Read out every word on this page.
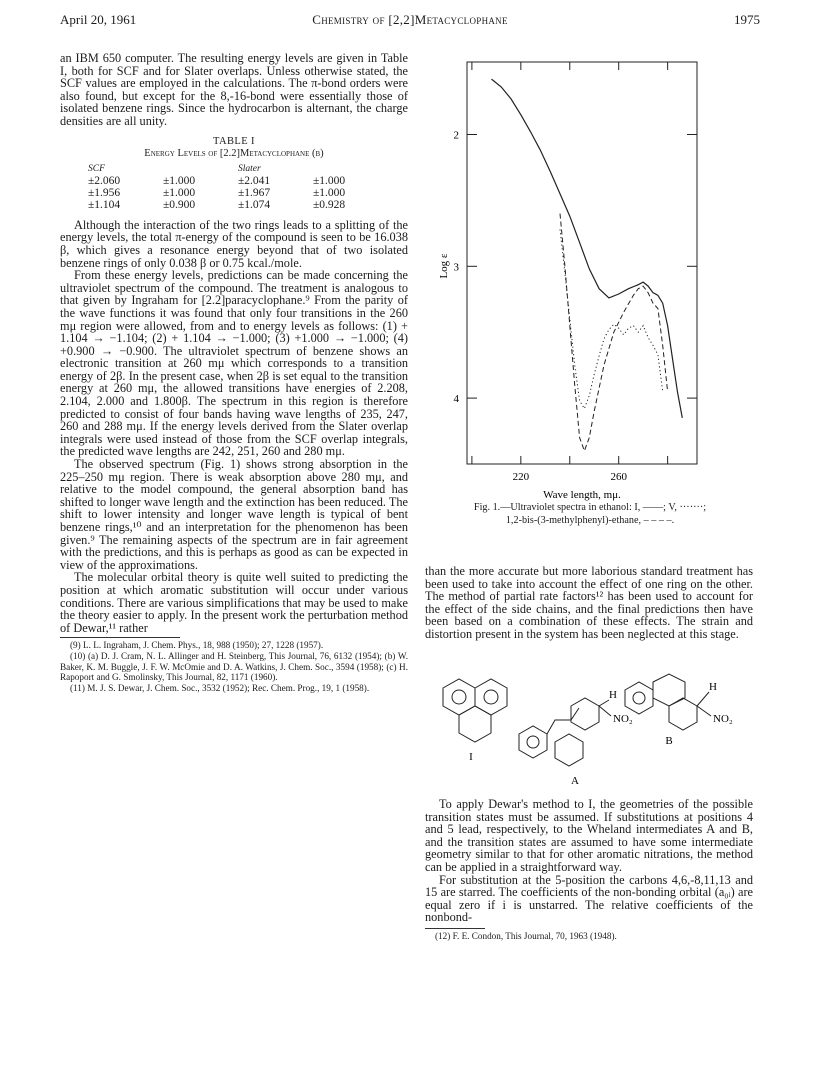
April 20, 1961	Chemistry of [2,2]Metacyclophane	1975

an IBM 650 computer. The resulting energy levels are given in Table I, both for SCF and for Slater overlaps. Unless otherwise stated, the SCF values are employed in the calculations. The π-bond orders were also found, but except for the 8,-16-bond were essentially those of isolated benzene rings. Since the hydrocarbon is alternant, the charge densities are all unity.

TABLE I
Energy Levels of [2.2]Metacyclophane (β)
SCF		Slater	
±2.060	±1.000	±2.041	±1.000
±1.956	±1.000	±1.967	±1.000
±1.104	±0.900	±1.074	±0.928

Although the interaction of the two rings leads to a splitting of the energy levels, the total π-energy of the compound is seen to be 16.038 β, which gives a resonance energy beyond that of two isolated benzene rings of only 0.038 β or 0.75 kcal./mole.

From these energy levels, predictions can be made concerning the ultraviolet spectrum of the compound. The treatment is analogous to that given by Ingraham for [2.2]paracyclophane.⁹ From the parity of the wave functions it was found that only four transitions in the 260 mμ region were allowed, from and to energy levels as follows: (1) + 1.104 → −1.104; (2) + 1.104 → −1.000; (3) +1.000 → −1.000; (4) +0.900 → −0.900. The ultraviolet spectrum of benzene shows an electronic transition at 260 mμ which corresponds to a transition energy of 2β. In the present case, when 2β is set equal to the transition energy at 260 mμ, the allowed transitions have energies of 2.208, 2.104, 2.000 and 1.800β. The spectrum in this region is therefore predicted to consist of four bands having wave lengths of 235, 247, 260 and 288 mμ. If the energy levels derived from the Slater overlap integrals were used instead of those from the SCF overlap integrals, the predicted wave lengths are 242, 251, 260 and 280 mμ.

The observed spectrum (Fig. 1) shows strong absorption in the 225–250 mμ region. There is weak absorption above 280 mμ, and relative to the model compound, the general absorption band has shifted to longer wave length and the extinction has been reduced. The shift to lower intensity and longer wave length is typical of bent benzene rings,¹⁰ and an interpretation for the phenomenon has been given.⁹ The remaining aspects of the spectrum are in fair agreement with the predictions, and this is perhaps as good as can be expected in view of the approximations.

The molecular orbital theory is quite well suited to predicting the position at which aromatic substitution will occur under various conditions. There are various simplifications that may be used to make the theory easier to apply. In the present work the perturbation method of Dewar,¹¹ rather

(9) L. L. Ingraham, J. Chem. Phys., 18, 988 (1950); 27, 1228 (1957).

(10) (a) D. J. Cram, N. L. Allinger and H. Steinberg, This Journal, 76, 6132 (1954); (b) W. Baker, K. M. Buggle, J. F. W. McOmie and D. A. Watkins, J. Chem. Soc., 3594 (1958); (c) H. Rapoport and G. Smolinsky, This Journal, 82, 1171 (1960).

(11) M. J. S. Dewar, J. Chem. Soc., 3532 (1952); Rec. Chem. Prog., 19, 1 (1958).

4
3
2
220	260
Log ε
Wave length, mμ.
Fig. 1.—Ultraviolet spectra in ethanol: I, ——; V, ·······;
1,2-bis-(3-methylphenyl)-ethane, – – – –.

than the more accurate but more laborious standard treatment has been used to take into account the effect of one ring on the other. The method of partial rate factors¹² has been used to account for the effect of the side chains, and the final predictions then have been based on a combination of these effects. The strain and distortion present in the system has been neglected at this stage.

I
H
NO₂
A
H
NO₂
B

To apply Dewar's method to I, the geometries of the possible transition states must be assumed. If substitutions at positions 4 and 5 lead, respectively, to the Wheland intermediates A and B, and the transition states are assumed to have some intermediate geometry similar to that for other aromatic nitrations, the method can be applied in a straightforward way.

For substitution at the 5-position the carbons 4,6,-8,11,13 and 15 are starred. The coefficients of the non-bonding orbital (a₀ᵢ) are equal zero if i is unstarred. The relative coefficients of the nonbond-

(12) F. E. Condon, This Journal, 70, 1963 (1948).
